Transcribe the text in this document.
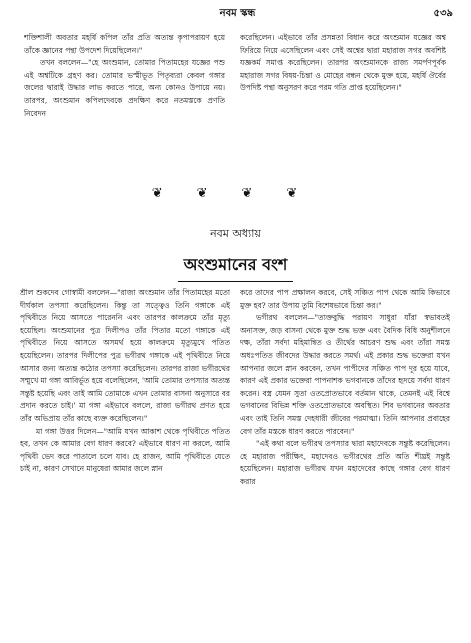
নবম স্কন্ধ	৫৩৯

শক্তিশালী অবতার মহর্ষি কপিল তাঁর প্রতি অত্যন্ত কৃপাপরায়ণ হয়ে তাঁকে জ্ঞানের পন্থা উপদেশ দিয়েছিলেন।"

তখন বললেন—"হে অংশুমান, তোমার পিতামহের যজ্ঞের পশু এই অশ্বটিকে গ্রহণ কর। তোমার ভস্মীভূত পিতৃব্যরা কেবল গঙ্গার জলের দ্বারাই উদ্ধার লাভ করতে পারে, অন্য কোনও উপায়ে নয়। তারপর, অংশুমান কপিলদেবকে প্রদক্ষিণ করে নতমস্তকে প্রণতি নিবেদন

করেছিলেন। এইভাবে তাঁর প্রসন্নতা বিধান করে অংশুমান যজ্ঞের অশ্ব ফিরিয়ে নিয়ে এসেছিলেন এবং সেই অশ্বের দ্বারা মহারাজ সগর অবশিষ্ট যজ্ঞকর্ম সমাপ্ত করেছিলেন। তারপর অংশুমানকে রাজ্য সমর্পণপূর্বক মহারাজ সগর বিষয়-চিন্তা ও মোহের বন্ধন থেকে মুক্ত হয়ে, মহর্ষি ঔর্বের উপদিষ্ট পন্থা অনুসরণ করে পরম গতি প্রাপ্ত হয়েছিলেন।"

❦ ❦ ❦ ❦
নবম অধ্যায়
অংশুমানের বংশ

শ্রীল শুকদেব গোস্বামী বললেন—"রাজা অংশুমান তাঁর পিতামহের মতো দীর্ঘকাল তপস্যা করেছিলেন। কিন্তু তা সত্ত্বেও তিনি গঙ্গাকে এই পৃথিবীতে নিয়ে আসতে পারেননি এবং তারপর কালক্রমে তাঁর মৃত্যু হয়েছিল। অংশুমানের পুত্র দিলীপও তাঁর পিতার মতো গঙ্গাকে এই পৃথিবীতে নিয়ে আসতে অসমর্থ হয়ে কালক্রমে মৃত্যুমুখে পতিত হয়েছিলেন। তারপর দিলীপের পুত্র ভগীরথ গঙ্গাকে এই পৃথিবীতে নিয়ে আসার জন্য অত্যন্ত কঠোর তপস্যা করেছিলেন। তারপর রাজা ভগীরথের সম্মুখে মা গঙ্গা আবির্ভূত হয়ে বলেছিলেন, 'আমি তোমার তপস্যার অত্যন্ত সন্তুষ্ট হয়েছি এবং তাই আমি তোমাকে এখন তোমার বাসনা অনুসারে বর প্রদান করতে চাই।' মা গঙ্গা এইভাবে বললে, রাজা ভগীরথ প্রণত হয়ে তাঁর অভিপ্রায় তাঁর কাছে ব্যক্ত করেছিলেন।"

মা গঙ্গা উত্তর দিলেন—"আমি যখন আকাশ থেকে পৃথিবীতে পতিত হব, তখন কে আমার বেগ ধারণ করবে? এইভাবে ধারণ না করলে, আমি পৃথিবী ভেদ করে পাতালে চলে যাব। হে রাজন, আমি পৃথিবীতে যেতে চাই না, কারণ সেখানে মানুষেরা আমার জলে স্নান

করে তাদের পাপ প্রক্ষালন করবে, সেই সঞ্চিত পাপ থেকে আমি কিভাবে মুক্ত হব? তার উপায় তুমি বিশেষভাবে চিন্তা কর।"

ভগীরথ বললেন—"ত্যক্তবুদ্ধি পরায়ণ সাধুরা যাঁরা স্বভাবতই অনাসক্ত, জড় বাসনা থেকে মুক্ত শুদ্ধ ভক্ত এবং বৈদিক বিধি অনুশীলনে দক্ষ, তাঁরা সর্বদা মহিমান্বিত ও তীর্থের আচরণ শুদ্ধ এবং তাঁরা সমস্ত অধঃপতিত জীবদের উদ্ধার করতে সমর্থ। এই প্রকার শুদ্ধ ভক্তেরা যখন আপনার জলে স্নান করবেন, তখন পাপীদের সঞ্চিত পাপ দূর হয়ে যাবে, কারণ এই প্রকার ভক্তেরা পাপনাশক ভগবানকে তাঁদের হৃদয়ে সর্বদা ধারণ করেন। বস্ত্র যেমন সুতা ওতপ্রোতভাবে বর্তমান থাকে, তেমনই এই বিশ্বে ভগবানের বিভিন্ন শক্তি ওতপ্রোতভাবে অবস্থিত। শিব ভগবানের অবতার এবং তাই তিনি সমস্ত দেহধারী জীবের পরমাত্মা। তিনি আপনার প্রবাহের বেগ তাঁর মস্তকে ধারণ করতে পারবেন।"

"এই কথা বলে ভগীরথ তপস্যার দ্বারা মহাদেবকে সন্তুষ্ট করেছিলেন। হে মহারাজ পরীক্ষিৎ, মহাদেবও ভগীরথের প্রতি অতি শীঘ্রই সন্তুষ্ট হয়েছিলেন। মহারাজ ভগীরথ যখন মহাদেবের কাছে গঙ্গার বেগ ধারণ করার
